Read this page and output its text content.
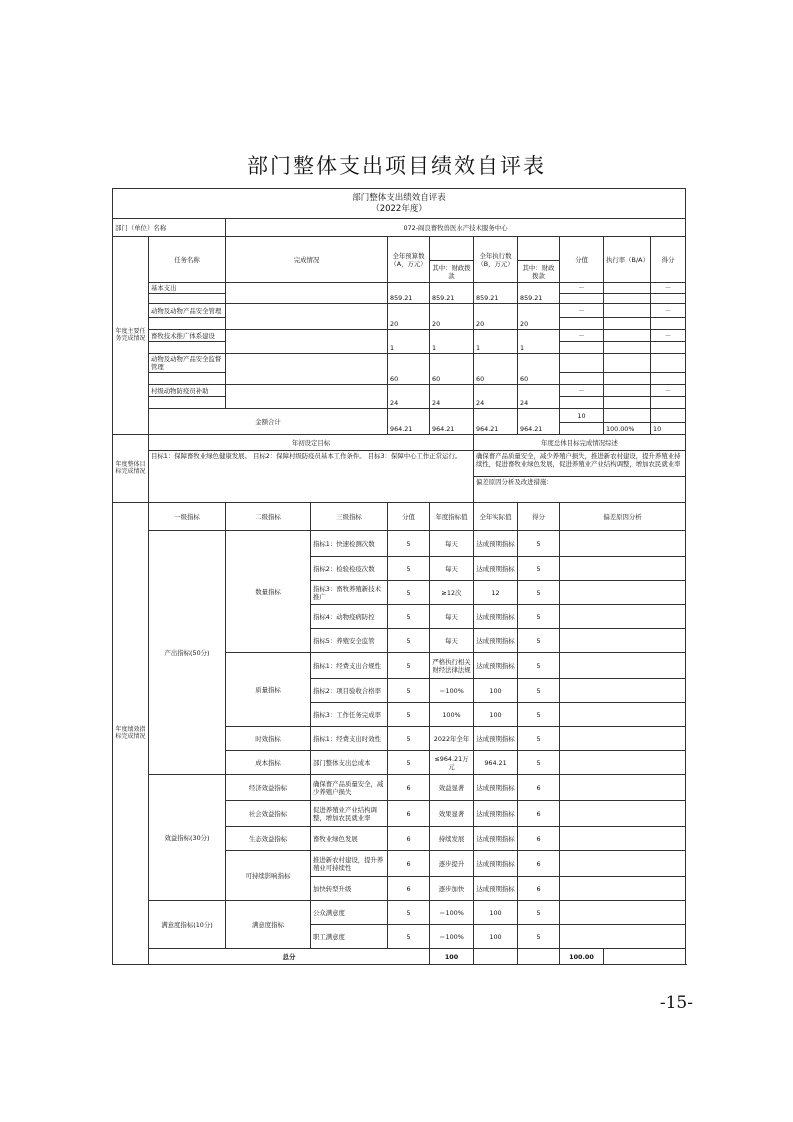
部门整体支出项目绩效自评表
部门整体支出绩效自评表
（2022年度）										

部门（单位）名称		072-阎良畜牧兽医水产技术服务中心								
年度主要任务完成情况	任务名称	完成情况		全年预算数（A，万元）		全年执行数（B，万元）		分值	执行率（B/A）	得分
					其中：财政拨款		其中：财政拨款			
	基本支出			859.21	859.21	859.21	859.21	－		－

	动物及动物产品安全管理			20	20	20	20	－		－

	畜牧技术推广体系建设			1	1	1	1	－		－

	动物及动物产品安全监督管理			60	60	60	60			

	村级动物防疫员补助			24	24	24	24	－		－

	金额合计			964.21	964.21	964.21	964.21	10		
									100.00%	10
年度整体目标完成情况	年初设定目标					年度总体目标完成情况综述				
	目标1：保障畜牧业绿色健康发展。 目标2：保障村级防疫员基本工作条件。 目标3：保障中心工作正常运行。					确保畜产品质量安全，减少养殖户损失，推进新农村建设，提升养殖业持续性，促进畜牧业绿色发展，促进养殖业产业结构调整，增加农民就业率				
						偏差原因分析及改进措施：				
年度绩效指标完成情况	一级指标	二级指标	三级指标	分值	年度指标值	全年实际值	得分	偏差原因分析		
	产出指标(50分)	数量指标	指标1：快速检测次数	5	每天	达成预期指标	5			
			指标2：检验检疫次数	5	每天	达成预期指标	5			
			指标3：畜牧养殖新技术推广	5	≥12次	12	5			
			指标4：动物疫病防控	5	每天	达成预期指标	5			
			指标5：养殖安全监管	5	每天	达成预期指标	5			
		质量指标	指标1：经费支出合规性	5	严格执行相关财经法律法规	达成预期指标	5			
			指标2：项目验收合格率	5	＝100%	100	5			
			指标3：工作任务完成率	5	100%	100	5			
		时效指标	指标1：经费支出时效性	5	2022年全年	达成预期指标	5			
		成本指标	部门整体支出总成本	5	≤964.21万元	964.21	5			
	效益指标(30分)	经济效益指标	确保畜产品质量安全，减少养殖户损失	6	效益显著	达成预期指标	6			
		社会效益指标	促进养殖业产业结构调整，增加农民就业率	6	效果显著	达成预期指标	6			
		生态效益指标	畜牧业绿色发展	6	持续发展	达成预期指标	6			
		可持续影响指标	推进新农村建设，提升养殖业可持续性	6	逐步提升	达成预期指标	6			
			加快转型升级	6	逐步加快	达成预期指标	6			
	满意度指标(10分)	满意度指标	公众满意度	5	＝100%	100	5			
			职工满意度	5	＝100%	100	5			
	总分				100			100.00		
-15-
